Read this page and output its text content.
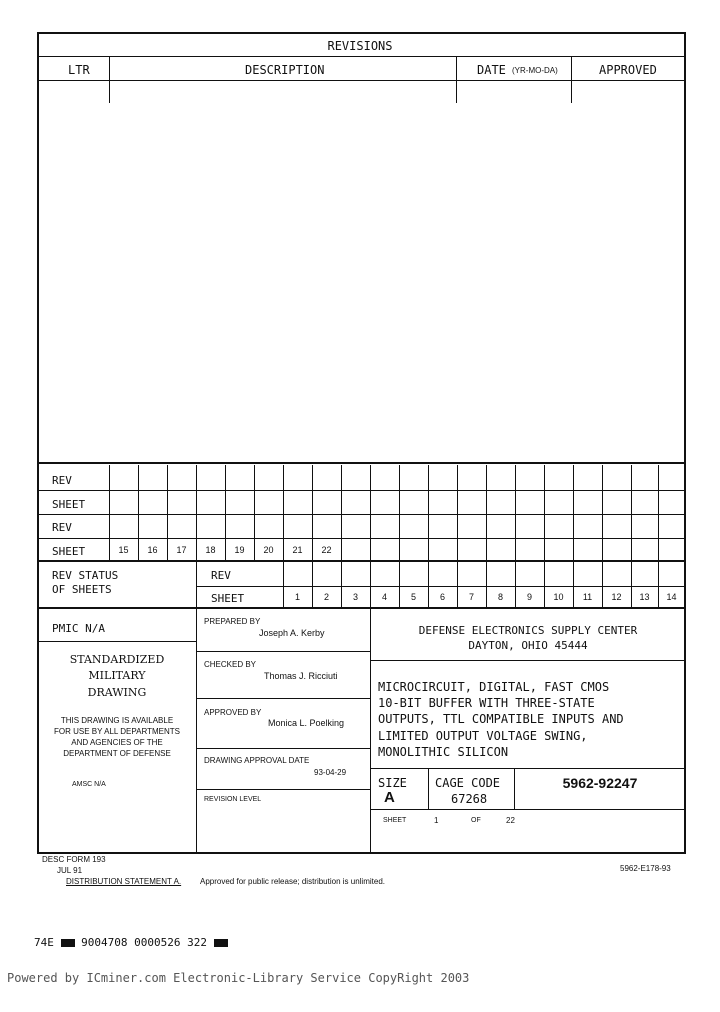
REVISIONS
LTR	DESCRIPTION	DATE (YR-MO-DA)	APPROVED
REV
SHEET
REV
SHEET	15	16	17	18	19	20	21	22
REV STATUS
OF SHEETS
REV
SHEET	1	2	3	4	5	6	7	8	9	10	11	12	13	14
PMIC N/A
STANDARDIZED
MILITARY
DRAWING
THIS DRAWING IS AVAILABLE
FOR USE BY ALL DEPARTMENTS
AND AGENCIES OF THE
DEPARTMENT OF DEFENSE
AMSC N/A
PREPARED BY
Joseph A. Kerby
CHECKED BY
Thomas J. Ricciuti
APPROVED BY
Monica L. Poelking
DRAWING APPROVAL DATE
93-04-29
REVISION LEVEL
DEFENSE ELECTRONICS SUPPLY CENTER
DAYTON, OHIO 45444
MICROCIRCUIT, DIGITAL, FAST CMOS
10-BIT BUFFER WITH THREE-STATE
OUTPUTS, TTL COMPATIBLE INPUTS AND
LIMITED OUTPUT VOLTAGE SWING,
MONOLITHIC SILICON
SIZE
A
CAGE CODE
67268
5962-92247
SHEET	1	OF	22
DESC FORM 193
JUL 91
DISTRIBUTION STATEMENT A. Approved for public release; distribution is unlimited.
5962-E178-93
74E 9004708 0000526 322
Powered by ICminer.com Electronic-Library Service CopyRight 2003
